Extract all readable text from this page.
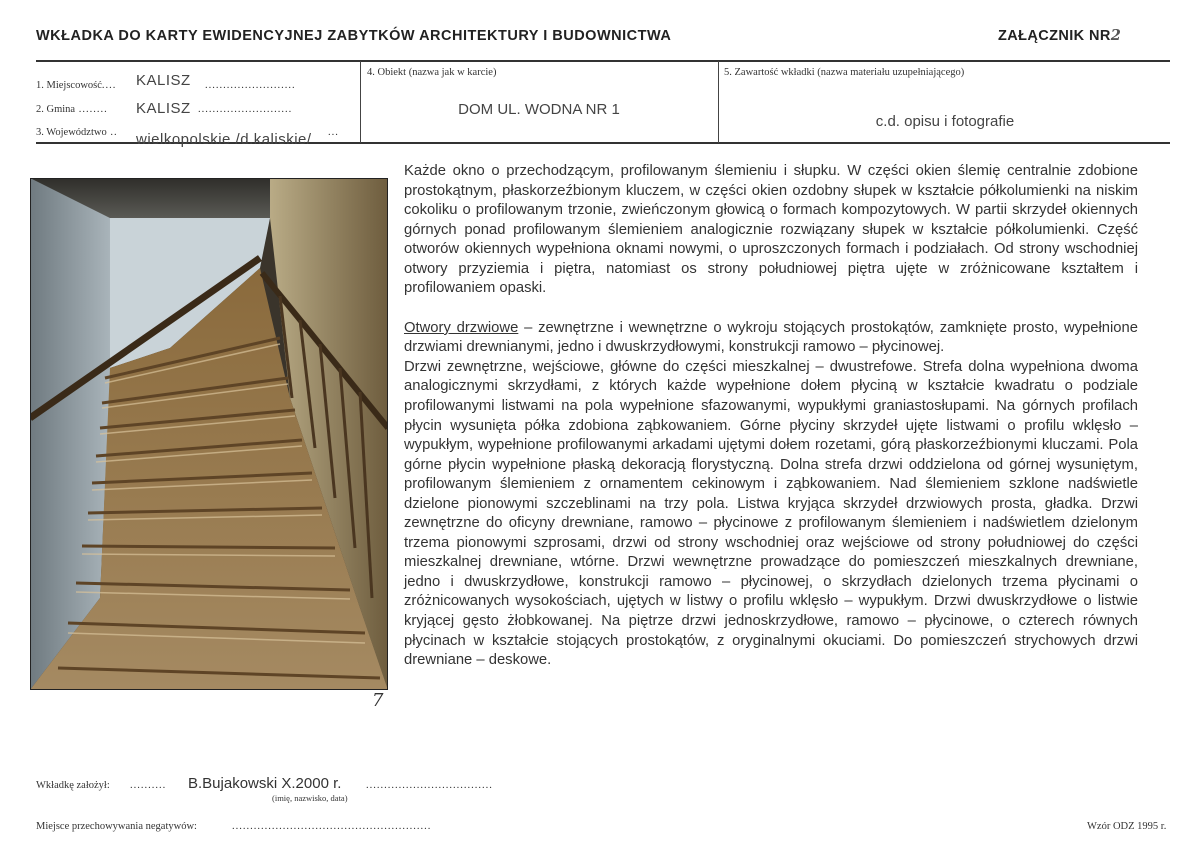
WKŁADKA DO KARTY EWIDENCYJNEJ ZABYTKÓW ARCHITEKTURY I BUDOWNICTWA	ZAŁĄCZNIK NR2
1. Miejscowość.... KALISZ .........................
2. Gmina ........ KALISZ ..........................
3. Województwo .. wielkopolskie /d.kaliskie/ ...
4. Obiekt (nazwa jak w karcie)
DOM UL. WODNA NR 1
5. Zawartość wkładki (nazwa materiału uzupełniającego)
c.d. opisu i fotografie
7

Każde okno o przechodzącym, profilowanym ślemieniu i słupku. W części okien ślemię centralnie zdobione prostokątnym, płaskorzeźbionym kluczem, w części okien ozdobny słupek w kształcie półkolumienki na niskim cokoliku o profilowanym trzonie, zwieńczonym głowicą o formach kompozytowych. W partii skrzydeł okiennych górnych ponad profilowanym ślemieniem analogicznie rozwiązany słupek w kształcie półkolumienki. Część otworów okiennych wypełniona oknami nowymi, o uproszczonych formach i podziałach. Od strony wschodniej otwory przyziemia i piętra, natomiast os strony południowej piętra ujęte w zróżnicowane kształtem i profilowaniem opaski.

Otwory drzwiowe – zewnętrzne i wewnętrzne o wykroju stojących prostokątów, zamknięte prosto, wypełnione drzwiami drewnianymi, jedno i dwuskrzydłowymi, konstrukcji ramowo – płycinowej.

Drzwi zewnętrzne, wejściowe, główne do części mieszkalnej – dwustrefowe. Strefa dolna wypełniona dwoma analogicznymi skrzydłami, z których każde wypełnione dołem płyciną w kształcie kwadratu o podziale profilowanymi listwami na pola wypełnione sfazowanymi, wypukłymi graniastosłupami. Na górnych profilach płycin wysunięta półka zdobiona ząbkowaniem. Górne płyciny skrzydeł ujęte listwami o profilu wklęsło – wypukłym, wypełnione profilowanymi arkadami ujętymi dołem rozetami, górą płaskorzeźbionymi kluczami. Pola górne płycin wypełnione płaską dekoracją florystyczną. Dolna strefa drzwi oddzielona od górnej wysuniętym, profilowanym ślemieniem z ornamentem cekinowym i ząbkowaniem. Nad ślemieniem szklone nadświetle dzielone pionowymi szczeblinami na trzy pola. Listwa kryjąca skrzydeł drzwiowych prosta, gładka. Drzwi zewnętrzne do oficyny drewniane, ramowo – płycinowe z profilowanym ślemieniem i nadświetlem dzielonym trzema pionowymi szprosami, drzwi od strony wschodniej oraz wejściowe od strony południowej do części mieszkalnej drewniane, wtórne. Drzwi wewnętrzne prowadzące do pomieszczeń mieszkalnych drewniane, jedno i dwuskrzydłowe, konstrukcji ramowo – płycinowej, o skrzydłach dzielonych trzema płycinami o zróżnicowanych wysokościach, ujętych w listwy o profilu wklęsło – wypukłym. Drzwi dwuskrzydłowe o listwie kryjącej gęsto żłobkowanej. Na piętrze drzwi jednoskrzydłowe, ramowo – płycinowe, o czterech równych płycinach w kształcie stojących prostokątów, z oryginalnymi okuciami. Do pomieszczeń strychowych drzwi drewniane – deskowe.

Wkładkę założył: .......... B.Bujakowski X.2000 r. ...................................
(imię, nazwisko, data)
Miejsce przechowywania negatywów:	.......................................................	Wzór ODZ 1995 r.
